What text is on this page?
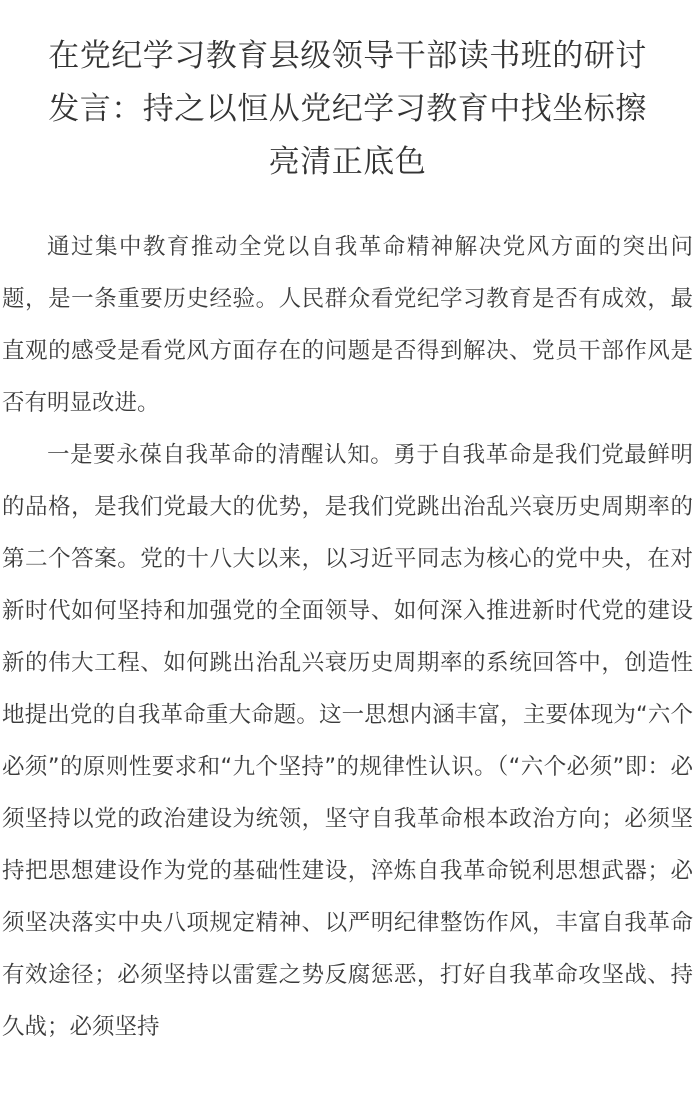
在党纪学习教育县级领导干部读书班的研讨
发言：持之以恒从党纪学习教育中找坐标擦
亮清正底色

通过集中教育推动全党以自我革命精神解决党风方面的突出问题，是一条重要历史经验。人民群众看党纪学习教育是否有成效，最直观的感受是看党风方面存在的问题是否得到解决、党员干部作风是否有明显改进。

一是要永葆自我革命的清醒认知。勇于自我革命是我们党最鲜明的品格，是我们党最大的优势，是我们党跳出治乱兴衰历史周期率的第二个答案。党的十八大以来，以习近平同志为核心的党中央，在对新时代如何坚持和加强党的全面领导、如何深入推进新时代党的建设新的伟大工程、如何跳出治乱兴衰历史周期率的系统回答中，创造性地提出党的自我革命重大命题。这一思想内涵丰富，主要体现为“六个必须”的原则性要求和“九个坚持”的规律性认识。（“六个必须”即：必须坚持以党的政治建设为统领，坚守自我革命根本政治方向；必须坚持把思想建设作为党的基础性建设，淬炼自我革命锐利思想武器；必须坚决落实中央八项规定精神、以严明纪律整饬作风，丰富自我革命有效途径；必须坚持以雷霆之势反腐惩恶，打好自我革命攻坚战、持久战；必须坚持
